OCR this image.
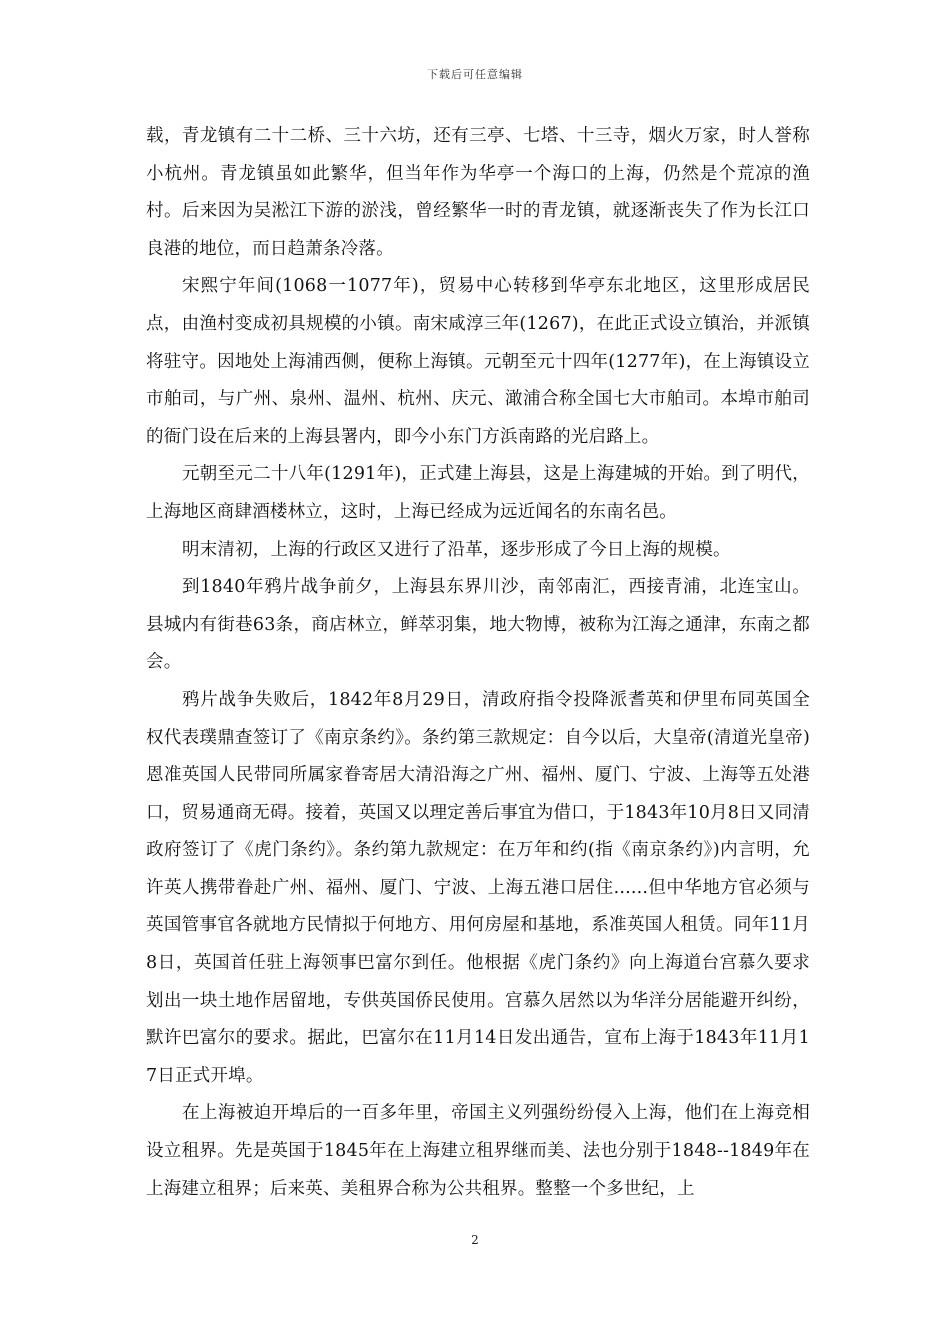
下载后可任意编辑

载，青龙镇有二十二桥、三十六坊，还有三亭、七塔、十三寺，烟火万家，时人誉称小杭州。青龙镇虽如此繁华，但当年作为华亭一个海口的上海，仍然是个荒凉的渔村。后来因为吴淞江下游的淤浅，曾经繁华一时的青龙镇，就逐渐丧失了作为长江口良港的地位，而日趋萧条冷落。

宋熙宁年间(1068一1077年)，贸易中心转移到华亭东北地区，这里形成居民点，由渔村变成初具规模的小镇。南宋咸淳三年(1267)，在此正式设立镇治，并派镇将驻守。因地处上海浦西侧，便称上海镇。元朝至元十四年(1277年)，在上海镇设立市舶司，与广州、泉州、温州、杭州、庆元、澉浦合称全国七大市舶司。本埠市舶司的衙门设在后来的上海县署内，即今小东门方浜南路的光启路上。

元朝至元二十八年(1291年)，正式建上海县，这是上海建城的开始。到了明代，上海地区商肆酒楼林立，这时，上海已经成为远近闻名的东南名邑。

明末清初，上海的行政区又进行了沿革，逐步形成了今日上海的规模。

到1840年鸦片战争前夕，上海县东界川沙，南邻南汇，西接青浦，北连宝山。县城内有街巷63条，商店林立，鲜萃羽集，地大物博，被称为江海之通津，东南之都会。

鸦片战争失败后，1842年8月29日，清政府指令投降派耆英和伊里布同英国全权代表璞鼎查签订了《南京条约》。条约第三款规定：自今以后，大皇帝(清道光皇帝)恩准英国人民带同所属家眷寄居大清沿海之广州、福州、厦门、宁波、上海等五处港口，贸易通商无碍。接着，英国又以理定善后事宜为借口，于1843年10月8日又同清政府签订了《虎门条约》。条约第九款规定：在万年和约(指《南京条约》)内言明，允许英人携带眷赴广州、福州、厦门、宁波、上海五港口居住......但中华地方官必须与英国管事官各就地方民情拟于何地方、用何房屋和基地，系准英国人租赁。同年11月8日，英国首任驻上海领事巴富尔到任。他根据《虎门条约》向上海道台宫慕久要求划出一块土地作居留地，专供英国侨民使用。宫慕久居然以为华洋分居能避开纠纷，默许巴富尔的要求。据此，巴富尔在11月14日发出通告，宣布上海于1843年11月17日正式开埠。

在上海被迫开埠后的一百多年里，帝国主义列强纷纷侵入上海，他们在上海竞相设立租界。先是英国于1845年在上海建立租界继而美、法也分别于1848--1849年在上海建立租界；后来英、美租界合称为公共租界。整整一个多世纪，上

2
